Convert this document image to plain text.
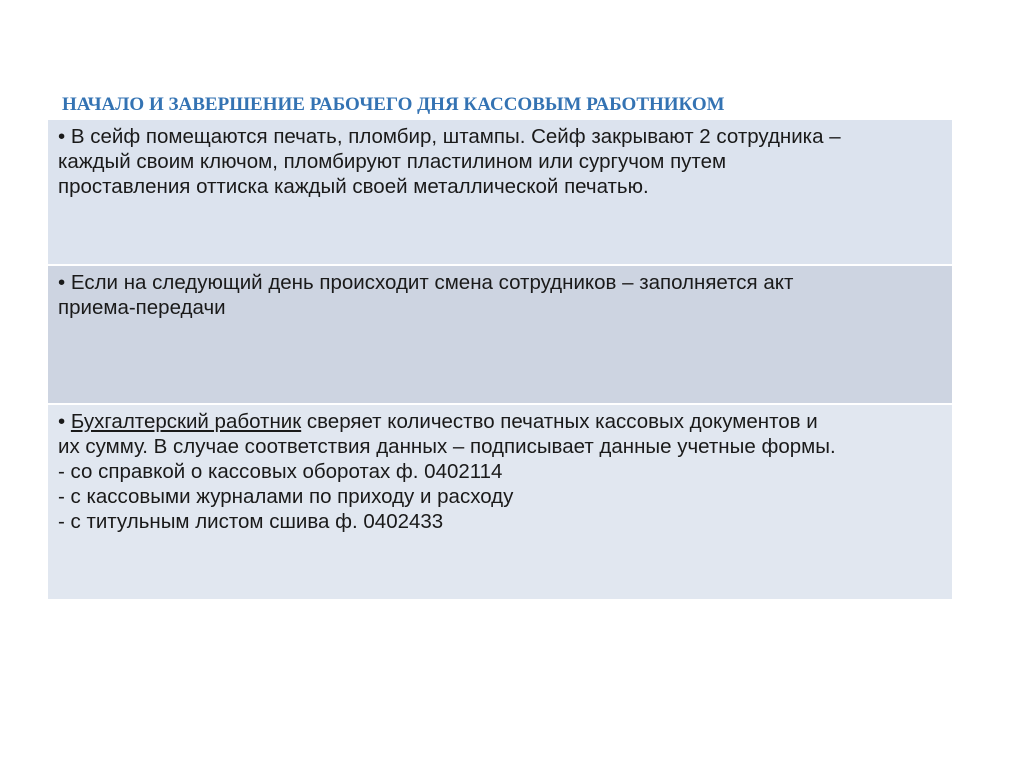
НАЧАЛО И ЗАВЕРШЕНИЕ РАБОЧЕГО ДНЯ КАССОВЫМ РАБОТНИКОМ
• В сейф помещаются печать, пломбир, штампы. Сейф закрывают 2 сотрудника –
каждый своим ключом, пломбируют пластилином или сургучом путем
проставления оттиска каждый своей металлической печатью.
• Если на следующий день происходит смена сотрудников – заполняется акт
приема-передачи
• Бухгалтерский работник сверяет количество печатных кассовых документов и
их сумму. В случае соответствия данных – подписывает данные учетные формы.
- со справкой о кассовых оборотах ф. 0402114
- с кассовыми журналами по приходу и расходу
- с титульным листом сшива ф. 0402433
